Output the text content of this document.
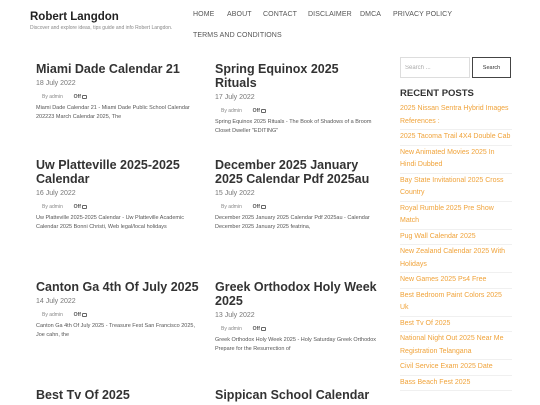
Robert Langdon
Discover and explore ideas, tips guide and info Robert Langdon.
HOME ABOUT CONTACT DISCLAIMER DMCA PRIVACY POLICY
TERMS AND CONDITIONS
Miami Dade Calendar 21
18 July 2022
By admin Off

Miami Dade Calendar 21 - Miami Dade Public School Calendar 202223 March Calendar 2025, The

Spring Equinox 2025 Rituals
17 July 2022
By admin Off

Spring Equinox 2025 Rituals - The Book of Shadows of a Broom Closet Dweller "EDITING"

Uw Platteville 2025-2025 Calendar
16 July 2022
By admin Off

Uw Platteville 2025-2025 Calendar - Uw Platteville Academic Calendar 2025 Bonni Christi, Web legal/local holidays

December 2025 January 2025 Calendar Pdf 2025au
15 July 2022
By admin Off

December 2025 January 2025 Calendar Pdf 2025au - Calendar December 2025 January 2025 featrina,

Canton Ga 4th Of July 2025
14 July 2022
By admin Off

Canton Ga 4th Of July 2025 - Treasure Fest San Francisco 2025, Joe cahn, the

Greek Orthodox Holy Week 2025
13 July 2022
By admin Off

Greek Orthodox Holy Week 2025 - Holy Saturday Greek Orthodox Prepare for the Resurrection of

Best Tv Of 2025	Sippican School Calendar
Search ...
Search
RECENT POSTS
2025 Nissan Sentra Hybrid Images References :
2025 Tacoma Trail 4X4 Double Cab
New Animated Movies 2025 In Hindi Dubbed
Bay State Invitational 2025 Cross Country
Royal Rumble 2025 Pre Show Match
Pug Wall Calendar 2025
New Zealand Calendar 2025 With Holidays
New Games 2025 Ps4 Free
Best Bedroom Paint Colors 2025 Uk
Best Tv Of 2025
National Night Out 2025 Near Me Registration Telangana
Civil Service Exam 2025 Date
Bass Beach Fest 2025
